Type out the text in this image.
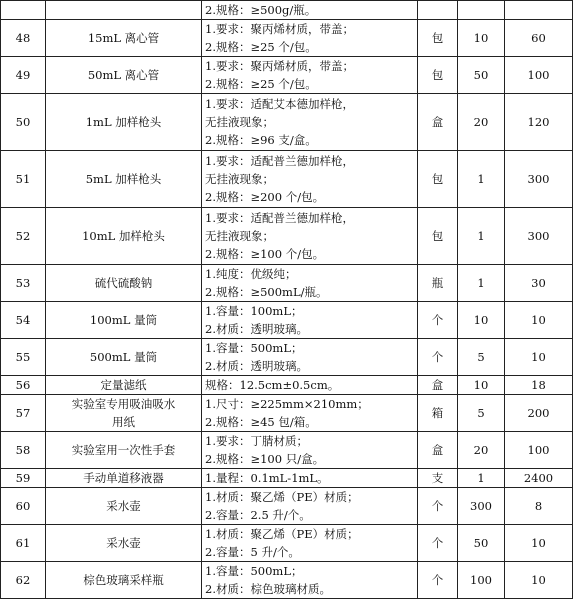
		2.规格：≥500g/瓶。			
48	15mL 离心管	1.要求：聚丙烯材质，带盖；
2.规格：≥25 个/包。	包	10	60
49	50mL 离心管	1.要求：聚丙烯材质，带盖；
2.规格：≥25 个/包。	包	50	100
50	1mL 加样枪头	1.要求：适配艾本德加样枪，
无挂液现象；
2.规格：≥96 支/盒。	盒	20	120
51	5mL 加样枪头	1.要求：适配普兰德加样枪，
无挂液现象；
2.规格：≥200 个/包。	包	1	300
52	10mL 加样枪头	1.要求：适配普兰德加样枪，
无挂液现象；
2.规格：≥100 个/包。	包	1	300
53	硫代硫酸钠	1.纯度：优级纯；
2.规格：≥500mL/瓶。	瓶	1	30
54	100mL 量筒	1.容量：100mL；
2.材质：透明玻璃。	个	10	10
55	500mL 量筒	1.容量：500mL；
2.材质：透明玻璃。	个	5	10
56	定量滤纸	规格：12.5cm±0.5cm。	盒	10	18
57	实验室专用吸油吸水
用纸	1.尺寸：≥225mm×210mm；
2.规格：≥45 包/箱。	箱	5	200
58	实验室用一次性手套	1.要求：丁腈材质；
2.规格：≥100 只/盒。	盒	20	100
59	手动单道移液器	1.量程：0.1mL-1mL。	支	1	2400
60	采水壶	1.材质：聚乙烯（PE）材质；
2.容量：2.5 升/个。	个	300	8
61	采水壶	1.材质：聚乙烯（PE）材质；
2.容量：5 升/个。	个	50	10
62	棕色玻璃采样瓶	1.容量：500mL；
2.材质：棕色玻璃材质。	个	100	10
